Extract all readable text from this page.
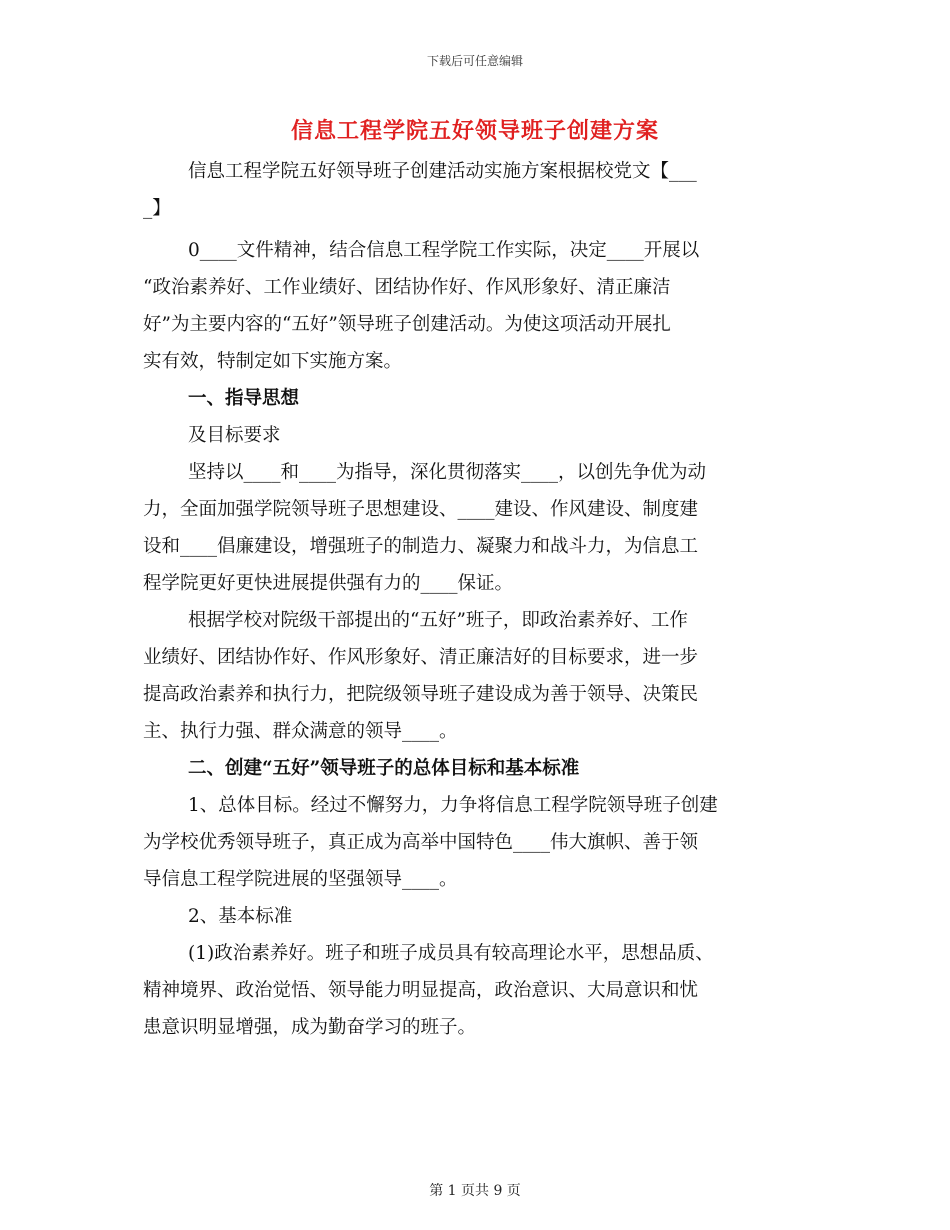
下载后可任意编辑
信息工程学院五好领导班子创建方案
信息工程学院五好领导班子创建活动实施方案根据校党文【___
_】
0____文件精神，结合信息工程学院工作实际，决定____开展以
“政治素养好、工作业绩好、团结协作好、作风形象好、清正廉洁
好”为主要内容的“五好”领导班子创建活动。为使这项活动开展扎
实有效，特制定如下实施方案。
一、指导思想
及目标要求
坚持以____和____为指导，深化贯彻落实____，以创先争优为动
力，全面加强学院领导班子思想建设、____建设、作风建设、制度建
设和____倡廉建设，增强班子的制造力、凝聚力和战斗力，为信息工
程学院更好更快进展提供强有力的____保证。
根据学校对院级干部提出的“五好”班子，即政治素养好、工作
业绩好、团结协作好、作风形象好、清正廉洁好的目标要求，进一步
提高政治素养和执行力，把院级领导班子建设成为善于领导、决策民
主、执行力强、群众满意的领导____。
二、创建“五好”领导班子的总体目标和基本标准
1、总体目标。经过不懈努力，力争将信息工程学院领导班子创建
为学校优秀领导班子，真正成为高举中国特色____伟大旗帜、善于领
导信息工程学院进展的坚强领导____。
2、基本标准
(1)政治素养好。班子和班子成员具有较高理论水平，思想品质、
精神境界、政治觉悟、领导能力明显提高，政治意识、大局意识和忧
患意识明显增强，成为勤奋学习的班子。
第 1 页共 9 页
